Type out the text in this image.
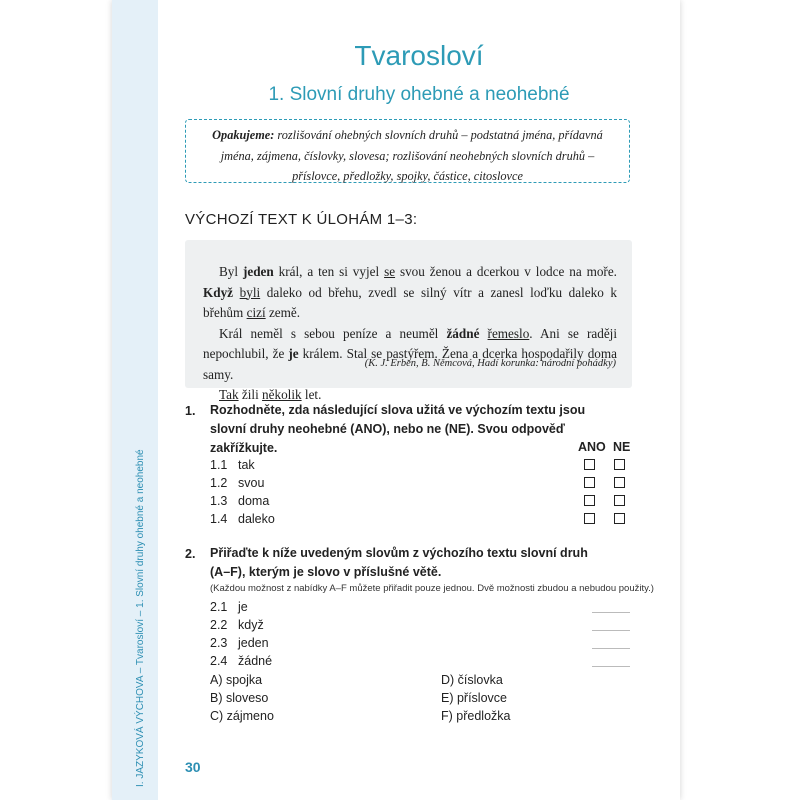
I. JAZYKOVÁ VÝCHOVA – Tvarosloví – 1. Slovní druhy ohebné a neohebné	30
Tvarosloví
1. Slovní druhy ohebné a neohebné
Opakujeme: rozlišování ohebných slovních druhů – podstatná jména, přídavná jména, zájmena, číslovky, slovesa; rozlišování neohebných slovních druhů – příslovce, předložky, spojky, částice, citoslovce
VÝCHOZÍ TEXT K ÚLOHÁM 1–3:

Byl jeden král, a ten si vyjel se svou ženou a dcerkou v lodce na moře. Když byli daleko od břehu, zvedl se silný vítr a zanesl loďku daleko k břehům cizí země.

Král neměl s sebou peníze a neuměl žádné řemeslo. Ani se raději nepochlubil, že je králem. Stal se pastýřem. Žena a dcerka hospodařily doma samy.

Tak žili několik let.

(K. J. Erben, B. Němcová, Hadí korunka: národní pohádky)
1. Rozhodněte, zda následující slova užitá ve výchozím textu jsou slovní druhy neohebné (ANO), nebo ne (NE). Svou odpověď zakřížkujte.	ANO NE
1.1 tak
1.2 svou
1.3 doma
1.4 daleko
2. Přiřaďte k níže uvedeným slovům z výchozího textu slovní druh (A–F), kterým je slovo v příslušné větě.
(Každou možnost z nabídky A–F můžete přiřadit pouze jednou. Dvě možnosti zbudou a nebudou použity.)
2.1 je
2.2 když
2.3 jeden
2.4 žádné
A) spojka
B) sloveso
C) zájmeno
D) číslovka
E) příslovce
F) předložka
